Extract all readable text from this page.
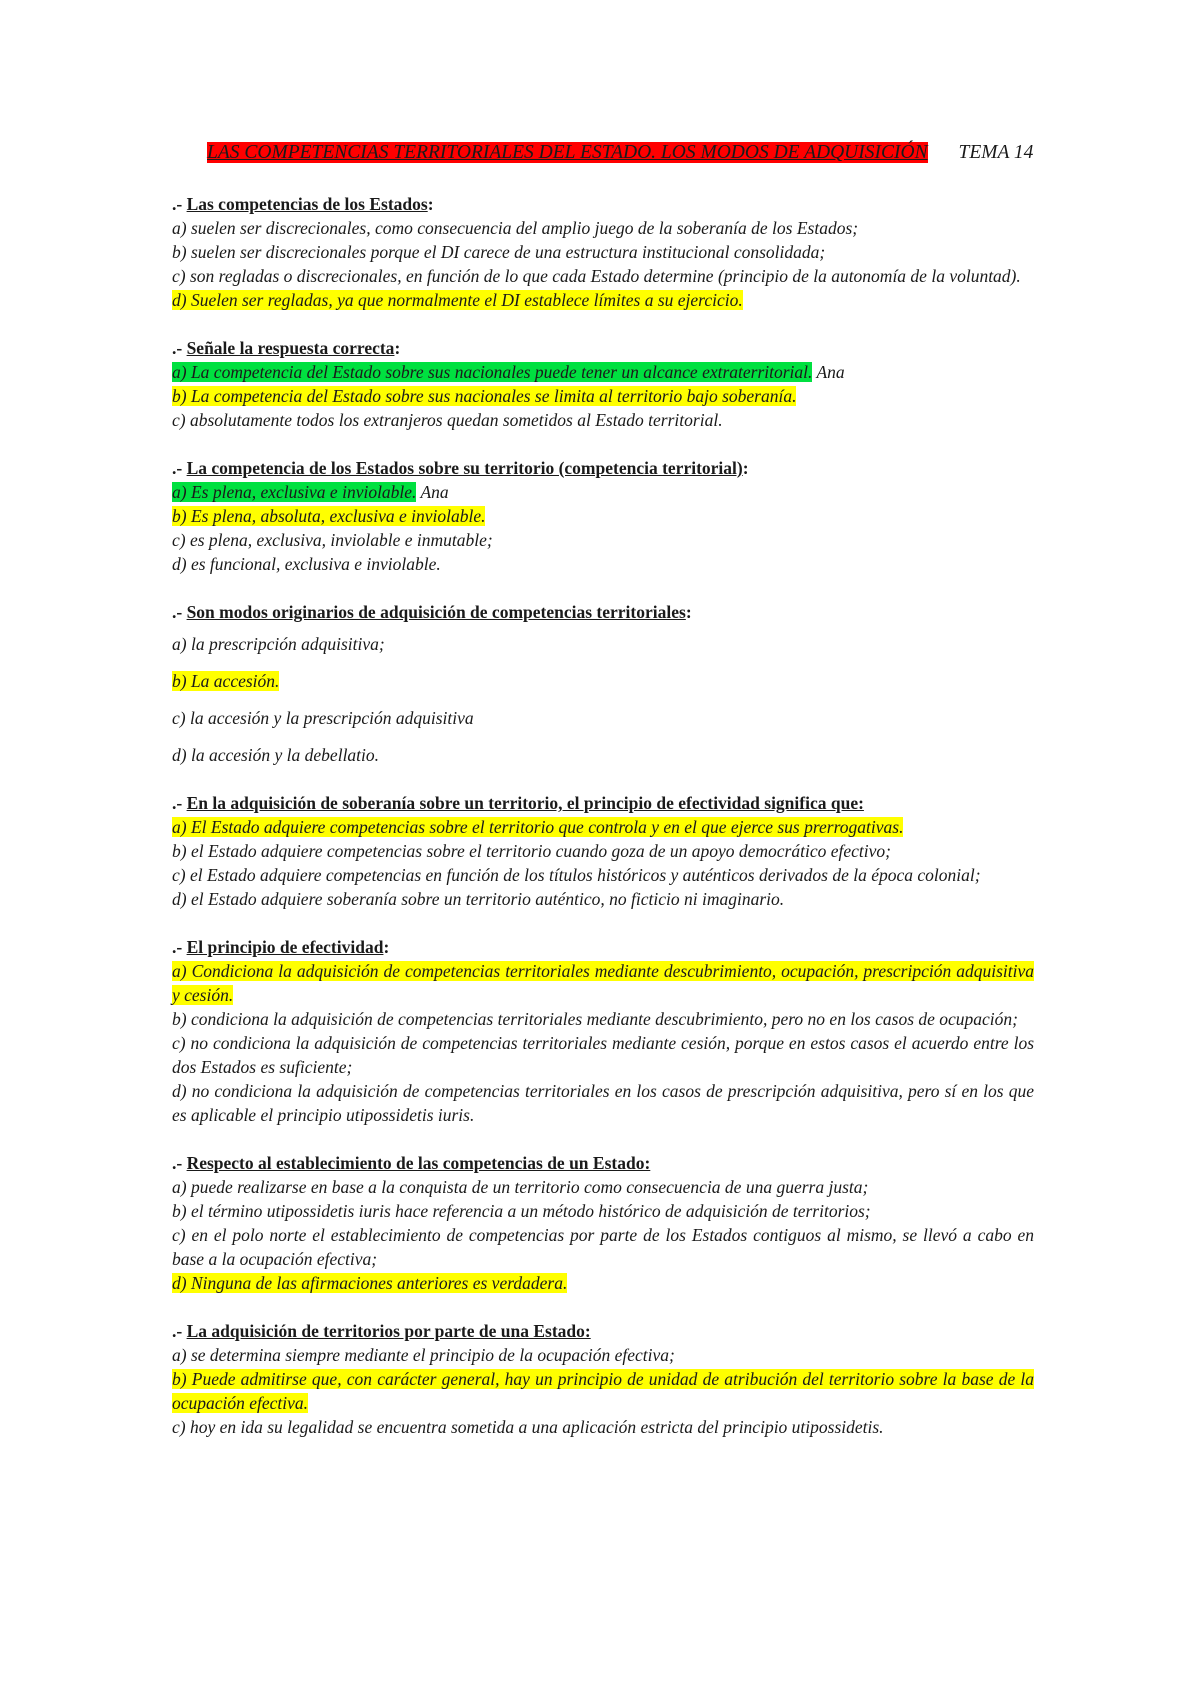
LAS COMPETENCIAS TERRITORIALES DEL ESTADO. LOS MODOS DE ADQUISICIÓN TEMA 14
.- Las competencias de los Estados:
a) suelen ser discrecionales, como consecuencia del amplio juego de la soberanía de los Estados;
b) suelen ser discrecionales porque el DI carece de una estructura institucional consolidada;
c) son regladas o discrecionales, en función de lo que cada Estado determine (principio de la autonomía de la voluntad).
d) Suelen ser regladas, ya que normalmente el DI establece límites a su ejercicio.
.- Señale la respuesta correcta:
a) La competencia del Estado sobre sus nacionales puede tener un alcance extraterritorial. Ana
b) La competencia del Estado sobre sus nacionales se limita al territorio bajo soberanía.
c) absolutamente todos los extranjeros quedan sometidos al Estado territorial.
.- La competencia de los Estados sobre su territorio (competencia territorial):
a) Es plena, exclusiva e inviolable. Ana
b) Es plena, absoluta, exclusiva e inviolable.
c) es plena, exclusiva, inviolable e inmutable;
d) es funcional, exclusiva e inviolable.
.- Son modos originarios de adquisición de competencias territoriales:
a) la prescripción adquisitiva;
b) La accesión.
c) la accesión y la prescripción adquisitiva
d) la accesión y la debellatio.
.- En la adquisición de soberanía sobre un territorio, el principio de efectividad significa que:
a) El Estado adquiere competencias sobre el territorio que controla y en el que ejerce sus prerrogativas.
b) el Estado adquiere competencias sobre el territorio cuando goza de un apoyo democrático efectivo;
c) el Estado adquiere competencias en función de los títulos históricos y auténticos derivados de la época colonial;
d) el Estado adquiere soberanía sobre un territorio auténtico, no ficticio ni imaginario.
.- El principio de efectividad:
a) Condiciona la adquisición de competencias territoriales mediante descubrimiento, ocupación, prescripción adquisitiva y cesión.
b) condiciona la adquisición de competencias territoriales mediante descubrimiento, pero no en los casos de ocupación;
c) no condiciona la adquisición de competencias territoriales mediante cesión, porque en estos casos el acuerdo entre los dos Estados es suficiente;
d) no condiciona la adquisición de competencias territoriales en los casos de prescripción adquisitiva, pero sí en los que es aplicable el principio utipossidetis iuris.
.- Respecto al establecimiento de las competencias de un Estado:
a) puede realizarse en base a la conquista de un territorio como consecuencia de una guerra justa;
b) el término utipossidetis iuris hace referencia a un método histórico de adquisición de territorios;
c) en el polo norte el establecimiento de competencias por parte de los Estados contiguos al mismo, se llevó a cabo en base a la ocupación efectiva;
d) Ninguna de las afirmaciones anteriores es verdadera.
.- La adquisición de territorios por parte de una Estado:
a) se determina siempre mediante el principio de la ocupación efectiva;
b) Puede admitirse que, con carácter general, hay un principio de unidad de atribución del territorio sobre la base de la ocupación efectiva.
c) hoy en ida su legalidad se encuentra sometida a una aplicación estricta del principio utipossidetis.
